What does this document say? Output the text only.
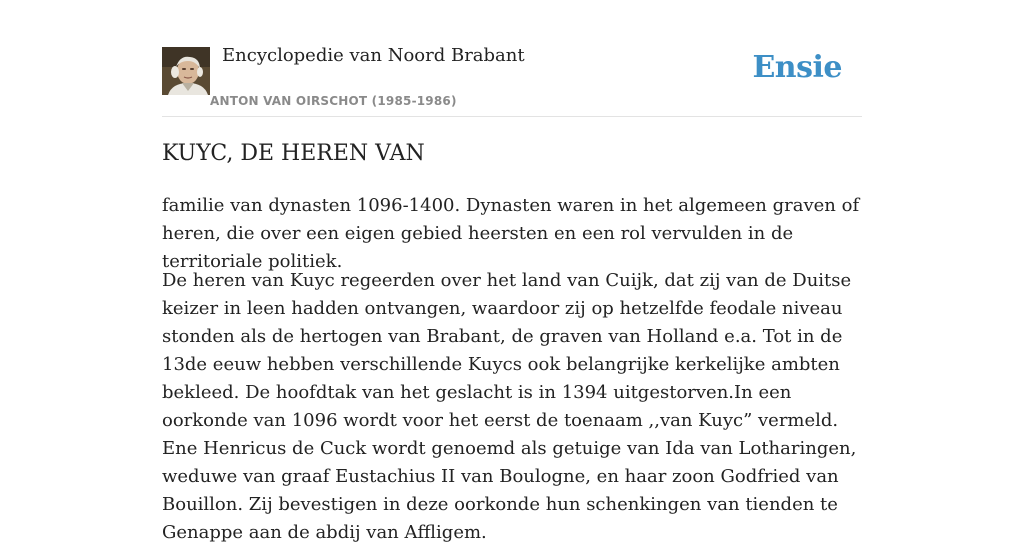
Encyclopedie van Noord Brabant
ANTON VAN OIRSCHOT (1985-1986)
Ensie
KUYC, DE HEREN VAN

familie van dynasten 1096-1400. Dynasten waren in het algemeen graven of heren, die over een eigen gebied heersten en een rol vervulden in de territoriale politiek.

De heren van Kuyc regeerden over het land van Cuijk, dat zij van de Duitse keizer in leen hadden ontvangen, waardoor zij op hetzelfde feodale niveau stonden als de hertogen van Brabant, de graven van Holland e.a. Tot in de 13de eeuw hebben verschillende Kuycs ook belangrijke kerkelijke ambten bekleed. De hoofdtak van het geslacht is in 1394 uitgestorven.In een oorkonde van 1096 wordt voor het eerst de toenaam ,,van Kuyc” vermeld. Ene Henricus de Cuck wordt genoemd als getuige van Ida van Lotharingen, weduwe van graaf Eustachius II van Boulogne, en haar zoon Godfried van Bouillon. Zij bevestigen in deze oorkonde hun schenkingen van tienden te Genappe aan de abdij van Affligem.
